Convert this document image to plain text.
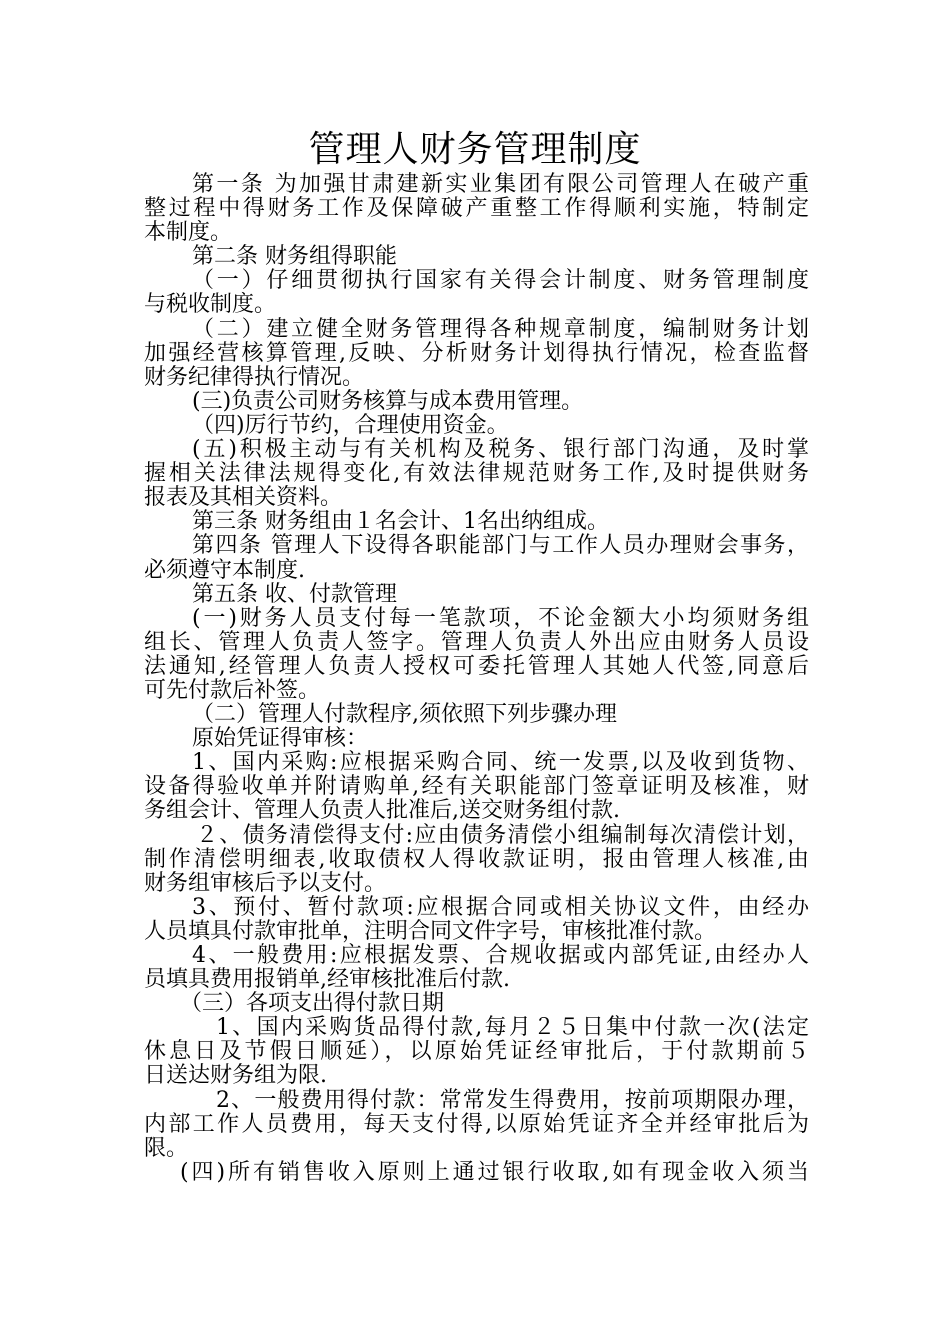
管理人财务管理制度
第一条 为加强甘肃建新实业集团有限公司管理人在破产重
整过程中得财务工作及保障破产重整工作得顺利实施，特制定
本制度。
第二条 财务组得职能
（一）仔细贯彻执行国家有关得会计制度、财务管理制度
与税收制度。
（二）建立健全财务管理得各种规章制度，编制财务计划
加强经营核算管理,反映、分析财务计划得执行情况，检查监督
财务纪律得执行情况。
(三)负责公司财务核算与成本费用管理。
（四)厉行节约，合理使用资金。
(五)积极主动与有关机构及税务、银行部门沟通，及时掌
握相关法律法规得变化,有效法律规范财务工作,及时提供财务
报表及其相关资料。
第三条 财务组由１名会计、1名出纳组成。
第四条 管理人下设得各职能部门与工作人员办理财会事务，
必须遵守本制度.
第五条 收、付款管理
(一)财务人员支付每一笔款项，不论金额大小均须财务组
组长、管理人负责人签字。管理人负责人外出应由财务人员设
法通知,经管理人负责人授权可委托管理人其她人代签,同意后
可先付款后补签。
（二）管理人付款程序,须依照下列步骤办理
原始凭证得审核：
1、国内采购:应根据采购合同、统一发票,以及收到货物、
设备得验收单并附请购单,经有关职能部门签章证明及核准，财
务组会计、管理人负责人批准后,送交财务组付款.
２、债务清偿得支付:应由债务清偿小组编制每次清偿计划，
制作清偿明细表,收取债权人得收款证明，报由管理人核准,由
财务组审核后予以支付。
3、预付、暂付款项:应根据合同或相关协议文件，由经办
人员填具付款审批单，注明合同文件字号，审核批准付款。
4、一般费用:应根据发票、合规收据或内部凭证,由经办人
员填具费用报销单,经审核批准后付款.
（三）各项支出得付款日期
1、国内采购货品得付款,每月２５日集中付款一次(法定
休息日及节假日顺延），以原始凭证经审批后，于付款期前５
日送达财务组为限.
2、一般费用得付款：常常发生得费用，按前项期限办理，
内部工作人员费用，每天支付得,以原始凭证齐全并经审批后为
限。
(四)所有销售收入原则上通过银行收取,如有现金收入须当
